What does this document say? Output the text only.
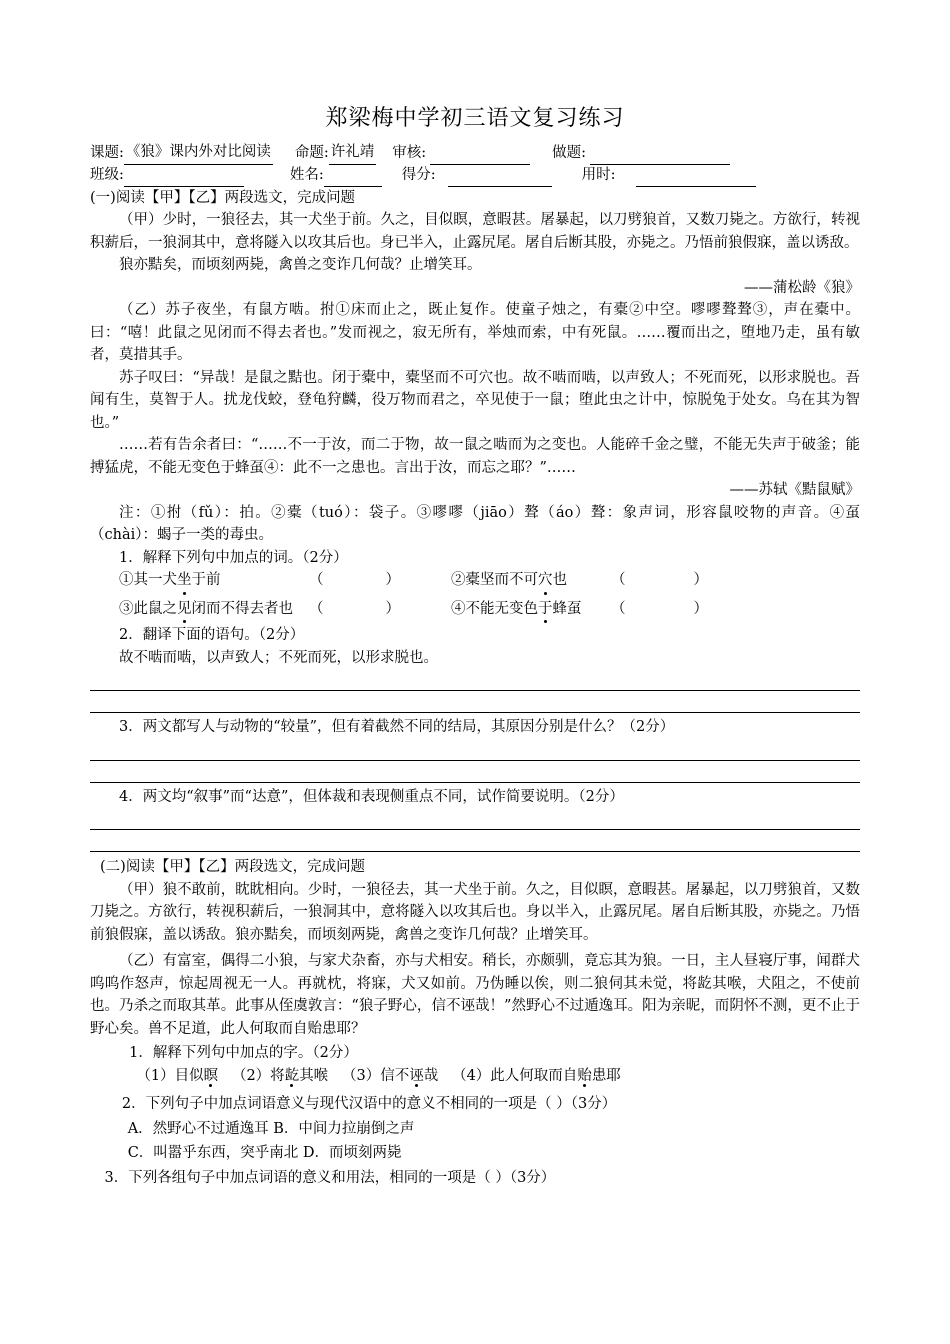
郑梁梅中学初三语文复习练习
课题: 《狼》课内外对比阅读 命题: 许礼靖 审核:	做题:
班级:	姓名:	得分:	用时:

(一)阅读【甲】【乙】两段选文，完成问题

（甲）少时，一狼径去，其一犬坐于前。久之，目似瞑，意暇甚。屠暴起，以刀劈狼首，又数刀毙之。方欲行，转视积薪后，一狼洞其中，意将隧入以攻其后也。身已半入，止露尻尾。屠自后断其股，亦毙之。乃悟前狼假寐，盖以诱敌。

狼亦黠矣，而顷刻两毙，禽兽之变诈几何哉？止增笑耳。

——蒲松龄《狼》

（乙）苏子夜坐，有鼠方啮。拊①床而止之，既止复作。使童子烛之，有橐②中空。嘐嘐聱聱③，声在橐中。曰：“嘻！此鼠之见闭而不得去者也。”发而视之，寂无所有，举烛而索，中有死鼠。……覆而出之，堕地乃走，虽有敏者，莫措其手。

苏子叹曰：“异哉！是鼠之黠也。闭于橐中，橐坚而不可穴也。故不啮而啮，以声致人；不死而死，以形求脱也。吾闻有生，莫智于人。扰龙伐蛟，登龟狩麟，役万物而君之，卒见使于一鼠；堕此虫之计中，惊脱兔于处女。乌在其为智也。”

……若有告余者曰：“……不一于汝，而二于物，故一鼠之啮而为之变也。人能碎千金之璧，不能无失声于破釜；能搏猛虎，不能无变色于蜂虿④：此不一之患也。言出于汝，而忘之耶？”……

——苏轼《黠鼠赋》

注：①拊（fǔ）：拍。②橐（tuó）：袋子。③嘐嘐（jiāo）聱（áo）聱：象声词，形容鼠咬物的声音。④虿（chài）：蝎子一类的毒虫。

1．解释下列句中加点的词。（2分）

①其一犬坐于前	（	）	②橐坚而不可穴也	（	）
③此鼠之见闭而不得去者也	（	）	④不能无变色于蜂虿	（	）

2．翻译下面的语句。（2分）

故不啮而啮，以声致人；不死而死，以形求脱也。

3．两文都写人与动物的“较量”，但有着截然不同的结局，其原因分别是什么？（2分）

4．两文均“叙事”而“达意”，但体裁和表现侧重点不同，试作简要说明。（2分）

(二)阅读【甲】【乙】两段选文，完成问题

（甲）狼不敢前，眈眈相向。少时，一狼径去，其一犬坐于前。久之，目似瞑，意暇甚。屠暴起，以刀劈狼首，又数刀毙之。方欲行，转视积薪后，一狼洞其中，意将隧入以攻其后也。身以半入，止露尻尾。屠自后断其股，亦毙之。乃悟前狼假寐，盖以诱敌。狼亦黠矣，而顷刻两毙，禽兽之变诈几何哉？止增笑耳。

（乙）有富室，偶得二小狼，与家犬杂畜，亦与犬相安。稍长，亦颇驯，竟忘其为狼。一日，主人昼寝厅事，闻群犬呜呜作怒声，惊起周视无一人。再就枕，将寐，犬又如前。乃伪睡以俟，则二狼伺其未觉，将龁其喉，犬阻之，不使前也。乃杀之而取其革。此事从侄虞敦言：“狼子野心，信不诬哉！”然野心不过遁逸耳。阳为亲昵，而阴怀不测，更不止于野心矣。兽不足道，此人何取而自贻患耶？

1．解释下列句中加点的字。（2分）

（1）目似瞑 （2）将龁其喉 （3）信不诬哉 （4）此人何取而自贻患耶

2．下列句子中加点词语意义与现代汉语中的意义不相同的一项是（ ）（3分）

A．然野心不过遁逸耳 B．中间力拉崩倒之声

C．叫嚣乎东西，突乎南北 D．而顷刻两毙

3．下列各组句子中加点词语的意义和用法，相同的一项是（ ）（3分）
